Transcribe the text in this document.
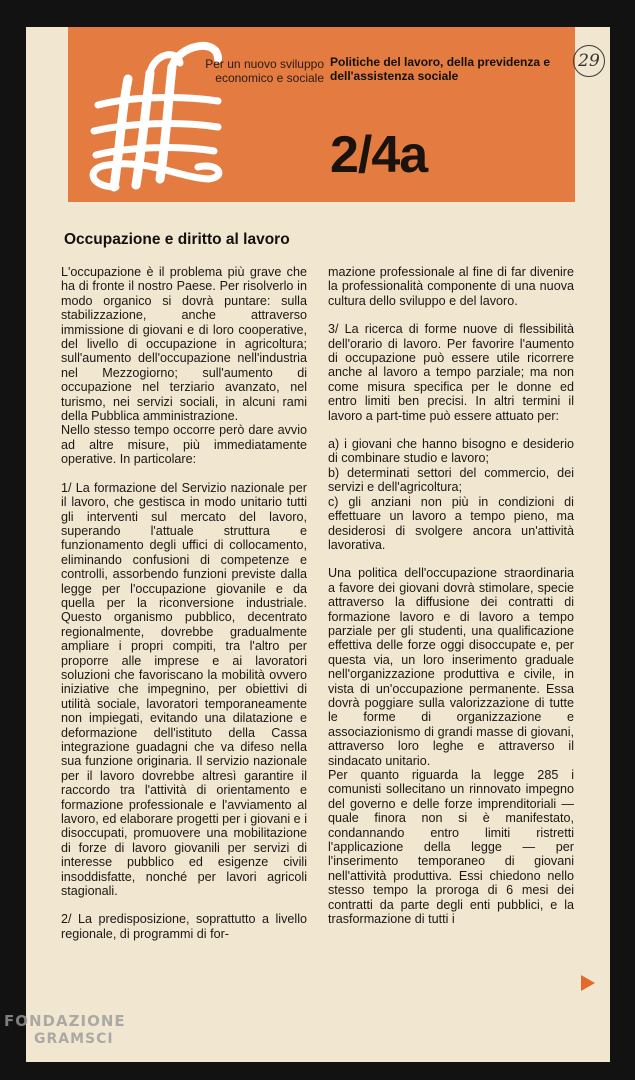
Per un nuovo sviluppo economico e sociale
Politiche del lavoro, della previdenza e dell'assistenza sociale
2/4a
29
Occupazione e diritto al lavoro

L'occupazione è il problema più grave che ha di fronte il nostro Paese. Per risolverlo in modo organico si dovrà puntare: sulla stabilizzazione, anche attraverso immissione di giovani e di loro cooperative, del livello di occupazione in agricoltura; sull'aumento dell'occupazione nell'industria nel Mezzogiorno; sull'aumento di occupazione nel terziario avanzato, nel turismo, nei servizi sociali, in alcuni rami della Pubblica amministrazione.

Nello stesso tempo occorre però dare avvio ad altre misure, più immediatamente operative. In particolare:

1/ La formazione del Servizio nazionale per il lavoro, che gestisca in modo unitario tutti gli interventi sul mercato del lavoro, superando l'attuale struttura e funzionamento degli uffici di collocamento, eliminando confusioni di competenze e controlli, assorbendo funzioni previste dalla legge per l'occupazione giovanile e da quella per la riconversione industriale. Questo organismo pubblico, decentrato regionalmente, dovrebbe gradualmente ampliare i propri compiti, tra l'altro per proporre alle imprese e ai lavoratori soluzioni che favoriscano la mobilità ovvero iniziative che impegnino, per obiettivi di utilità sociale, lavoratori temporaneamente non impiegati, evitando una dilatazione e deformazione dell'istituto della Cassa integrazione guadagni che va difeso nella sua funzione originaria. Il servizio nazionale per il lavoro dovrebbe altresì garantire il raccordo tra l'attività di orientamento e formazione professionale e l'avviamento al lavoro, ed elaborare progetti per i giovani e i disoccupati, promuovere una mobilitazione di forze di lavoro giovanili per servizi di interesse pubblico ed esigenze civili insoddisfatte, nonché per lavori agricoli stagionali.

2/ La predisposizione, soprattutto a livello regionale, di programmi di for-

mazione professionale al fine di far divenire la professionalità componente di una nuova cultura dello sviluppo e del lavoro.

3/ La ricerca di forme nuove di flessibilità dell'orario di lavoro. Per favorire l'aumento di occupazione può essere utile ricorrere anche al lavoro a tempo parziale; ma non come misura specifica per le donne ed entro limiti ben precisi. In altri termini il lavoro a part-time può essere attuato per:

a) i giovani che hanno bisogno e desiderio di combinare studio e lavoro;

b) determinati settori del commercio, dei servizi e dell'agricoltura;

c) gli anziani non più in condizioni di effettuare un lavoro a tempo pieno, ma desiderosi di svolgere ancora un'attività lavorativa.

Una politica dell'occupazione straordinaria a favore dei giovani dovrà stimolare, specie attraverso la diffusione dei contratti di formazione lavoro e di lavoro a tempo parziale per gli studenti, una qualificazione effettiva delle forze oggi disoccupate e, per questa via, un loro inserimento graduale nell'organizzazione produttiva e civile, in vista di un'occupazione permanente. Essa dovrà poggiare sulla valorizzazione di tutte le forme di organizzazione e associazionismo di grandi masse di giovani, attraverso loro leghe e attraverso il sindacato unitario.

Per quanto riguarda la legge 285 i comunisti sollecitano un rinnovato impegno del governo e delle forze imprenditoriali — quale finora non si è manifestato, condannando entro limiti ristretti l'applicazione della legge — per l'inserimento temporaneo di giovani nell'attività produttiva. Essi chiedono nello stesso tempo la proroga di 6 mesi dei contratti da parte degli enti pubblici, e la trasformazione di tutti i

FONDAZIONE
GRAMSCI
